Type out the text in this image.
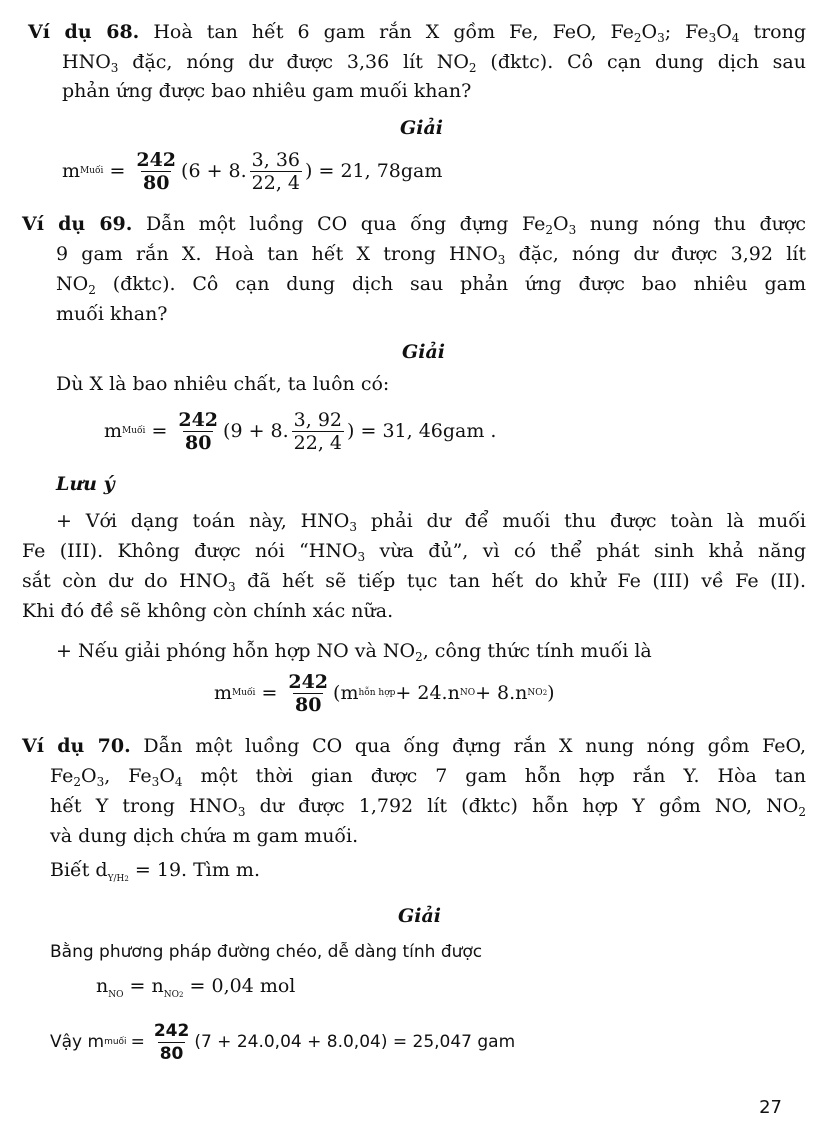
Ví dụ 68. Hoà tan hết 6 gam rắn X gồm Fe, FeO, $Fe_2O_3$; $Fe_3O_4$ trong

$HNO_3$ đặc, nóng dư được 3,36 lít $NO_2$ (đktc). Cô cạn dung dịch sau

phản ứng được bao nhiêu gam muối khan?

Giải
m Muối = $\frac{242}{80} (6 + 8$. $\frac{3, 36}{22, 4}$ ) = 21, 78gam

Ví dụ 69. Dẫn một luồng CO qua ống đựng $Fe_2O_3$ nung nóng thu được

9 gam rắn X. Hoà tan hết X trong $HNO_3$ đặc, nóng dư được 3,92 lít

$NO_2$ (đktc). Cô cạn dung dịch sau phản ứng được bao nhiêu gam

muối khan?

Giải

Dù X là bao nhiêu chất, ta luôn có:

m Muối = $\frac{242}{80} (9 + 8$. $\frac{3, 92}{22, 4}$ ) = 31, 46gam .
Lưu ý

+ Với dạng toán này, $HNO_3$ phải dư để muối thu được toàn là muối

Fe (III). Không được nói “$HNO_3$ vừa đủ”, vì có thể phát sinh khả năng

sắt còn dư do $HNO_3$ đã hết sẽ tiếp tục tan hết do khử Fe (III) về Fe (II).

Khi đó đề sẽ không còn chính xác nữa.

+ Nếu giải phóng hỗn hợp NO và $NO_2$, công thức tính muối là

m Muối = $\frac{242}{80} (m$ hỗn hợp + 24.n NO + 8.n NO2 )

Ví dụ 70. Dẫn một luồng CO qua ống đựng rắn X nung nóng gồm FeO,

$Fe_2O_3$, $Fe_3O_4$ một thời gian được 7 gam hỗn hợp rắn Y. Hòa tan

hết Y trong $HNO_3$ dư được 1,792 lít (đktc) hỗn hợp Y gồm NO, $NO_2$

và dung dịch chứa m gam muối.

Biết $d_{Y/H2} = 19$. Tìm m.

Giải

Bằng phương pháp đường chéo, dễ dàng tính được

$n_{NO} = n_{NO2} = 0,04$ mol

Vậy m muối = $\frac{242}{80} (7 + 24.0,04 + 8.0,04) = 25,047$ gam
27
